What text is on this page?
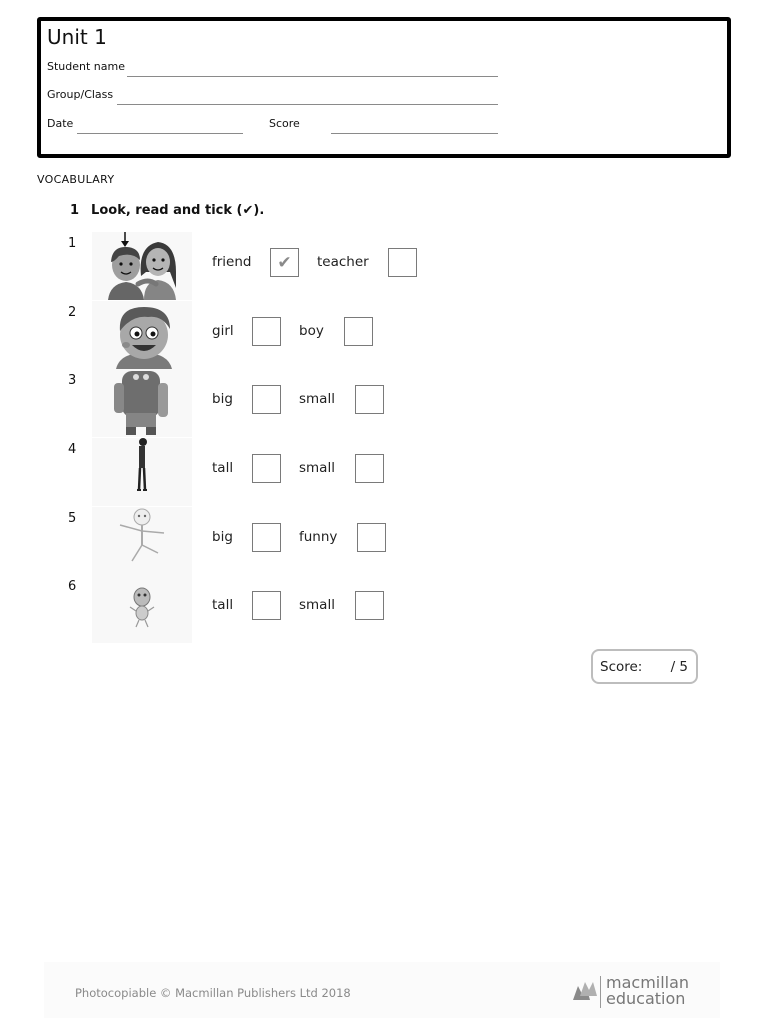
Unit 1
Student name
Group/Class
Date	Score
VOCABULARY
1 Look, read and tick (✔).
1
friend ✔ teacher
2
girl	boy
3
big	small
4
tall	small
5
big	funny
6
tall	small
Score: / 5
Photocopiable © Macmillan Publishers Ltd 2018
macmillan
education
